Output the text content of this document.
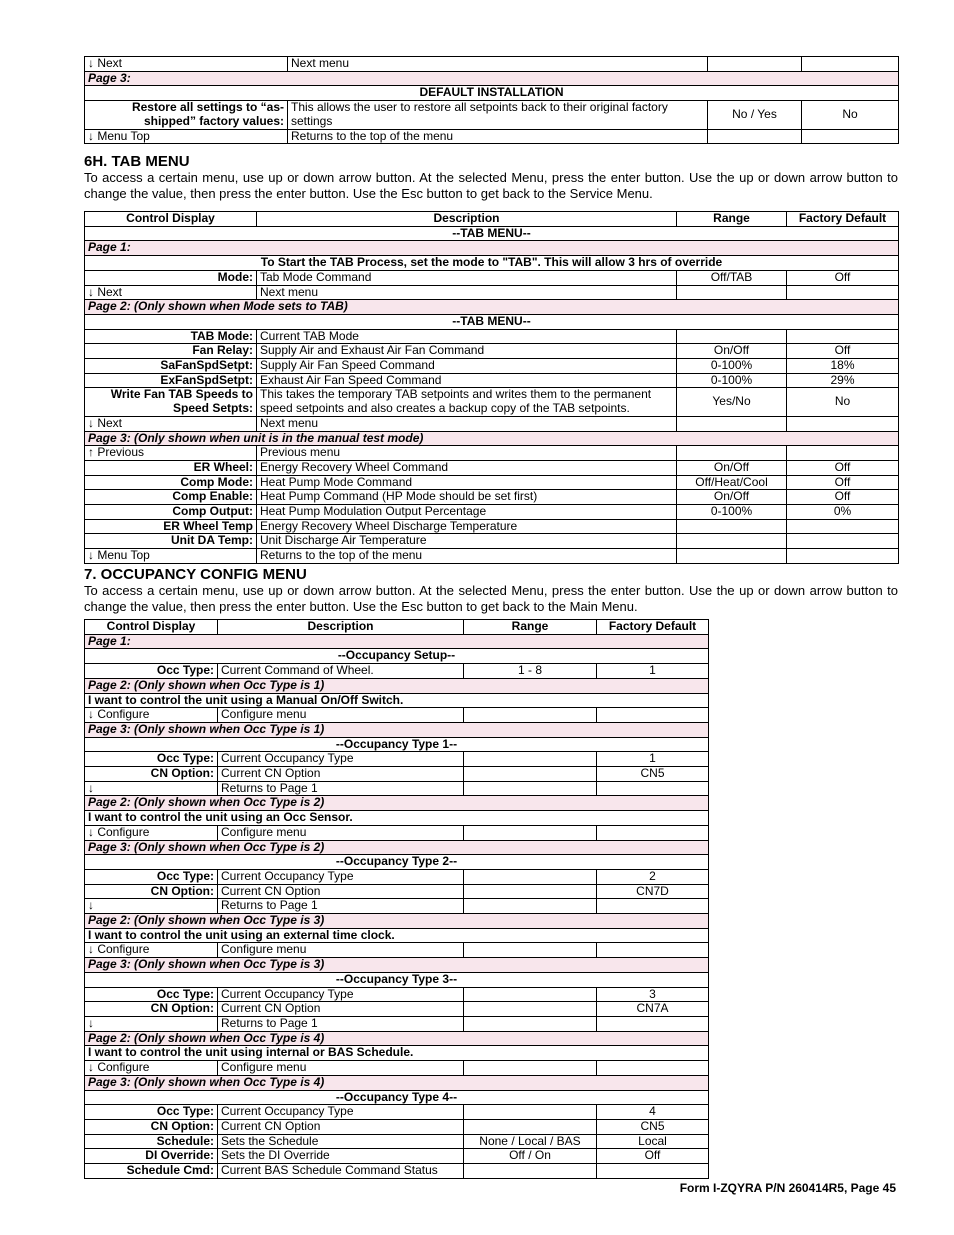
↓ Next	Next menu		
Page 3:			
DEFAULT INSTALLATION			
Restore all settings to “as-shipped” factory values:	This allows the user to restore all setpoints back to their original factory settings	No / Yes	No
↓ Menu Top	Returns to the top of the menu		
6H. TAB MENU

To access a certain menu, use up or down arrow button. At the selected Menu, press the enter button. Use the up or down arrow button to change the value, then press the enter button. Use the Esc button to get back to the Service Menu.

Control Display	Description	Range	Factory Default
--TAB MENU--			
Page 1:			
To Start the TAB Process, set the mode to "TAB". This will allow 3 hrs of override			
Mode:	Tab Mode Command	Off/TAB	Off
↓ Next	Next menu		
Page 2: (Only shown when Mode sets to TAB)			
--TAB MENU--			
TAB Mode:	Current TAB Mode		
Fan Relay:	Supply Air and Exhaust Air Fan Command	On/Off	Off
SaFanSpdSetpt:	Supply Air Fan Speed Command	0-100%	18%
ExFanSpdSetpt:	Exhaust Air Fan Speed Command	0-100%	29%
Write Fan TAB Speeds to Speed Setpts:	This takes the temporary TAB setpoints and writes them to the permanent speed setpoints and also creates a backup copy of the TAB setpoints.	Yes/No	No
↓ Next	Next menu		
Page 3: (Only shown when unit is in the manual test mode)			
↑ Previous	Previous menu		
ER Wheel:	Energy Recovery Wheel Command	On/Off	Off
Comp Mode:	Heat Pump Mode Command	Off/Heat/Cool	Off
Comp Enable:	Heat Pump Command (HP Mode should be set first)	On/Off	Off
Comp Output:	Heat Pump Modulation Output Percentage	0-100%	0%
ER Wheel Temp	Energy Recovery Wheel Discharge Temperature		
Unit DA Temp:	Unit Discharge Air Temperature		
↓ Menu Top	Returns to the top of the menu		
7. OCCUPANCY CONFIG MENU

To access a certain menu, use up or down arrow button. At the selected Menu, press the enter button. Use the up or down arrow button to change the value, then press the enter button. Use the Esc button to get back to the Main Menu.

Control Display	Description	Range	Factory Default
Page 1:			
--Occupancy Setup--			
Occ Type:	Current Command of Wheel.	1 - 8	1
Page 2: (Only shown when Occ Type is 1)			
I want to control the unit using a Manual On/Off Switch.			
↓ Configure	Configure menu		
Page 3: (Only shown when Occ Type is 1)			
--Occupancy Type 1--			
Occ Type:	Current Occupancy Type		1
CN Option:	Current CN Option		CN5
↓	Returns to Page 1		
Page 2: (Only shown when Occ Type is 2)			
I want to control the unit using an Occ Sensor.			
↓ Configure	Configure menu		
Page 3: (Only shown when Occ Type is 2)			
--Occupancy Type 2--			
Occ Type:	Current Occupancy Type		2
CN Option:	Current CN Option		CN7D
↓	Returns to Page 1		
Page 2: (Only shown when Occ Type is 3)			
I want to control the unit using an external time clock.			
↓ Configure	Configure menu		
Page 3: (Only shown when Occ Type is 3)			
--Occupancy Type 3--			
Occ Type:	Current Occupancy Type		3
CN Option:	Current CN Option		CN7A
↓	Returns to Page 1		
Page 2: (Only shown when Occ Type is 4)			
I want to control the unit using internal or BAS Schedule.			
↓ Configure	Configure menu		
Page 3: (Only shown when Occ Type is 4)			
--Occupancy Type 4--			
Occ Type:	Current Occupancy Type		4
CN Option:	Current CN Option		CN5
Schedule:	Sets the Schedule	None / Local / BAS	Local
DI Override:	Sets the DI Override	Off / On	Off
Schedule Cmd:	Current BAS Schedule Command Status		
Form I-ZQYRA P/N 260414R5, Page 45
